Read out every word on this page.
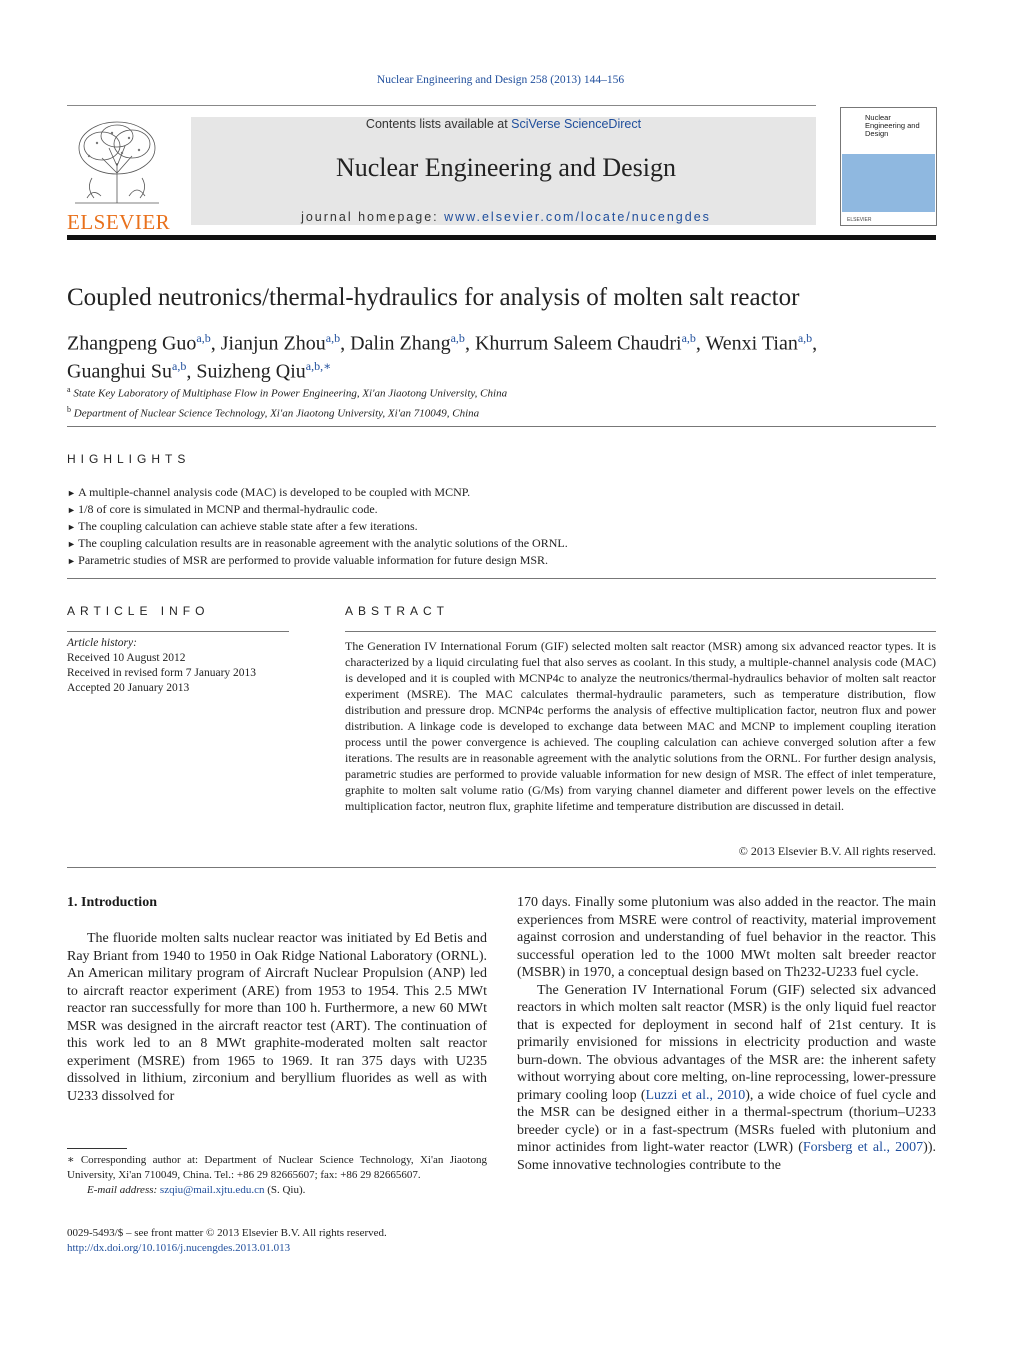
Nuclear Engineering and Design 258 (2013) 144–156
ELSEVIER
Contents lists available at SciVerse ScienceDirect
Nuclear Engineering and Design
journal homepage: www.elsevier.com/locate/nucengdes
Nuclear Engineering and Design
ELSEVIER
Coupled neutronics/thermal-hydraulics for analysis of molten salt reactor
Zhangpeng Guo$^{a,b}$, Jianjun Zhou$^{a,b}$, Dalin Zhang$^{a,b}$, Khurrum Saleem Chaudri$^{a,b}$, Wenxi Tian$^{a,b}$,
Guanghui Su$^{a,b}$, Suizheng Qiu$^{a,b,∗}$
$^a$ State Key Laboratory of Multiphase Flow in Power Engineering, Xi'an Jiaotong University, China
$^b$ Department of Nuclear Science Technology, Xi'an Jiaotong University, Xi'an 710049, China
HIGHLIGHTS
► A multiple-channel analysis code (MAC) is developed to be coupled with MCNP.
► 1/8 of core is simulated in MCNP and thermal-hydraulic code.
► The coupling calculation can achieve stable state after a few iterations.
► The coupling calculation results are in reasonable agreement with the analytic solutions of the ORNL.
► Parametric studies of MSR are performed to provide valuable information for future design MSR.
ARTICLE INFO
Article history:
Received 10 August 2012
Received in revised form 7 January 2013
Accepted 20 January 2013
ABSTRACT
The Generation IV International Forum (GIF) selected molten salt reactor (MSR) among six advanced reactor types. It is characterized by a liquid circulating fuel that also serves as coolant. In this study, a multiple-channel analysis code (MAC) is developed and it is coupled with MCNP4c to analyze the neutronics/thermal-hydraulics behavior of molten salt reactor experiment (MSRE). The MAC calculates thermal-hydraulic parameters, such as temperature distribution, flow distribution and pressure drop. MCNP4c performs the analysis of effective multiplication factor, neutron flux and power distribution. A linkage code is developed to exchange data between MAC and MCNP to implement coupling iteration process until the power convergence is achieved. The coupling calculation can achieve converged solution after a few iterations. The results are in reasonable agreement with the analytic solutions from the ORNL. For further design analysis, parametric studies are performed to provide valuable information for new design of MSR. The effect of inlet temperature, graphite to molten salt volume ratio (G/Ms) from varying channel diameter and different power levels on the effective multiplication factor, neutron flux, graphite lifetime and temperature distribution are discussed in detail.
© 2013 Elsevier B.V. All rights reserved.
1. Introduction

The fluoride molten salts nuclear reactor was initiated by Ed Betis and Ray Briant from 1940 to 1950 in Oak Ridge National Laboratory (ORNL). An American military program of Aircraft Nuclear Propulsion (ANP) led to aircraft reactor experiment (ARE) from 1953 to 1954. This 2.5 MWt reactor ran successfully for more than 100 h. Furthermore, a new 60 MWt MSR was designed in the aircraft reactor test (ART). The continuation of this work led to an 8 MWt graphite-moderated molten salt reactor experiment (MSRE) from 1965 to 1969. It ran 375 days with U235 dissolved in lithium, zirconium and beryllium fluorides as well as with U233 dissolved for

170 days. Finally some plutonium was also added in the reactor. The main experiences from MSRE were control of reactivity, material improvement against corrosion and understanding of fuel behavior in the reactor. This successful operation led to the 1000 MWt molten salt breeder reactor (MSBR) in 1970, a conceptual design based on Th232-U233 fuel cycle.

The Generation IV International Forum (GIF) selected six advanced reactors in which molten salt reactor (MSR) is the only liquid fuel reactor that is expected for deployment in second half of 21st century. It is primarily envisioned for missions in electricity production and waste burn-down. The obvious advantages of the MSR are: the inherent safety without worrying about core melting, on-line reprocessing, lower-pressure primary cooling loop (Luzzi et al., 2010), a wide choice of fuel cycle and the MSR can be designed either in a thermal-spectrum (thorium–U233 breeder cycle) or in a fast-spectrum (MSRs fueled with plutonium and minor actinides from light-water reactor (LWR) (Forsberg et al., 2007)). Some innovative technologies contribute to the

∗ Corresponding author at: Department of Nuclear Science Technology, Xi'an Jiaotong University, Xi'an 710049, China. Tel.: +86 29 82665607; fax: +86 29 82665607.
E-mail address: szqiu@mail.xjtu.edu.cn (S. Qiu).
0029-5493/$ – see front matter © 2013 Elsevier B.V. All rights reserved.
http://dx.doi.org/10.1016/j.nucengdes.2013.01.013
